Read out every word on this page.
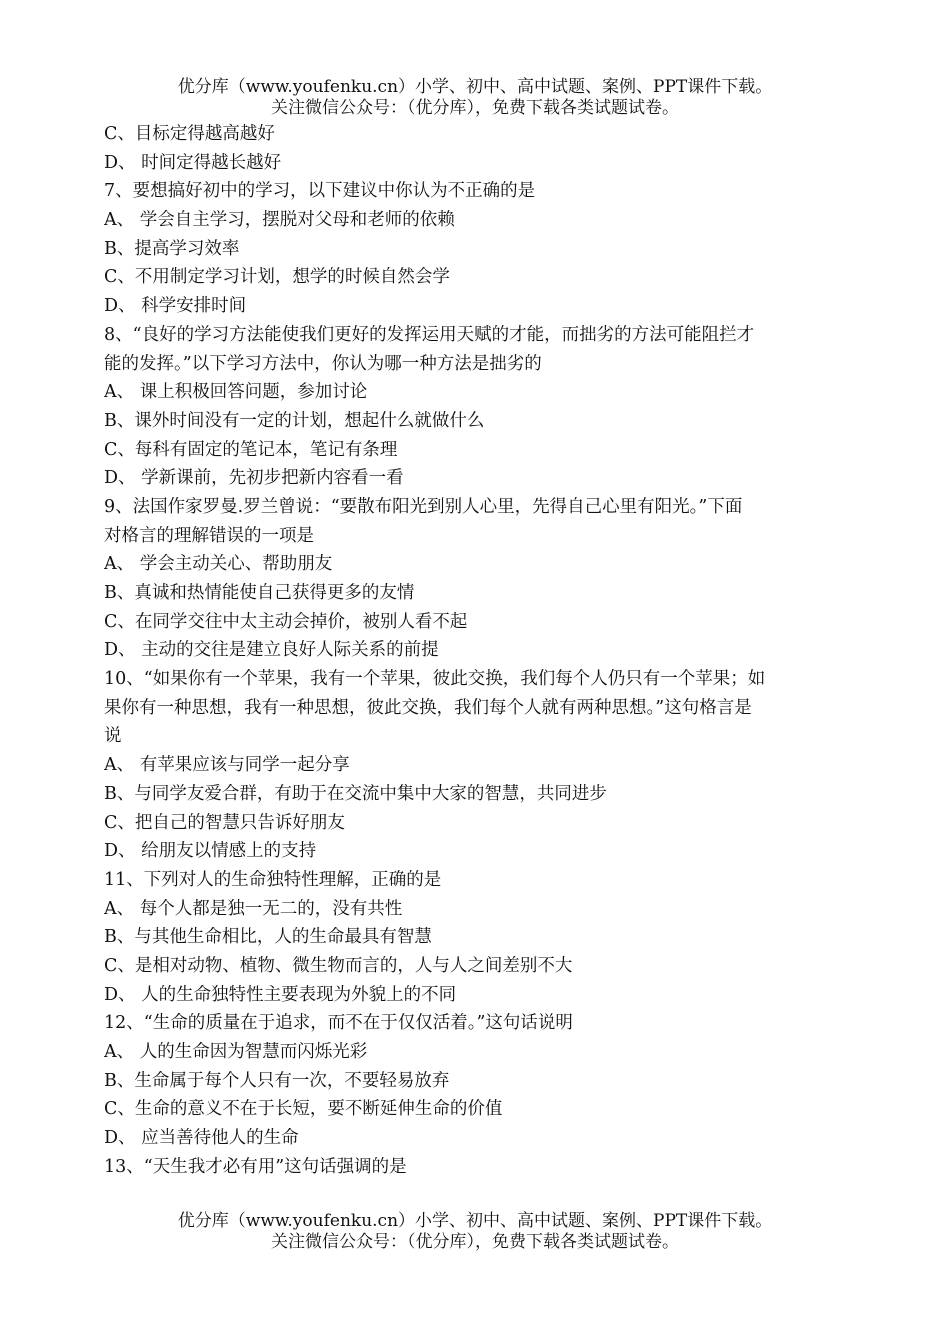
优分库（www.youfenku.cn）小学、初中、高中试题、案例、PPT课件下载。
关注微信公众号：（优分库），免费下载各类试题试卷。
C、目标定得越高越好
D、 时间定得越长越好
7、要想搞好初中的学习，以下建议中你认为不正确的是
A、 学会自主学习，摆脱对父母和老师的依赖
B、提高学习效率
C、不用制定学习计划，想学的时候自然会学
D、 科学安排时间
8、“良好的学习方法能使我们更好的发挥运用天赋的才能，而拙劣的方法可能阻拦才
能的发挥。”以下学习方法中，你认为哪一种方法是拙劣的
A、 课上积极回答问题，参加讨论
B、课外时间没有一定的计划，想起什么就做什么
C、每科有固定的笔记本，笔记有条理
D、 学新课前，先初步把新内容看一看
9、法国作家罗曼.罗兰曾说：“要散布阳光到别人心里，先得自己心里有阳光。”下面
对格言的理解错误的一项是
A、 学会主动关心、帮助朋友
B、真诚和热情能使自己获得更多的友情
C、在同学交往中太主动会掉价，被别人看不起
D、 主动的交往是建立良好人际关系的前提
10、“如果你有一个苹果，我有一个苹果，彼此交换，我们每个人仍只有一个苹果；如
果你有一种思想，我有一种思想，彼此交换，我们每个人就有两种思想。”这句格言是
说
A、 有苹果应该与同学一起分享
B、与同学友爱合群，有助于在交流中集中大家的智慧，共同进步
C、把自己的智慧只告诉好朋友
D、 给朋友以情感上的支持
11、下列对人的生命独特性理解，正确的是
A、 每个人都是独一无二的，没有共性
B、与其他生命相比，人的生命最具有智慧
C、是相对动物、植物、微生物而言的，人与人之间差别不大
D、 人的生命独特性主要表现为外貌上的不同
12、“生命的质量在于追求，而不在于仅仅活着。”这句话说明
A、 人的生命因为智慧而闪烁光彩
B、生命属于每个人只有一次，不要轻易放弃
C、生命的意义不在于长短，要不断延伸生命的价值
D、 应当善待他人的生命
13、“天生我才必有用”这句话强调的是
优分库（www.youfenku.cn）小学、初中、高中试题、案例、PPT课件下载。
关注微信公众号：（优分库），免费下载各类试题试卷。
